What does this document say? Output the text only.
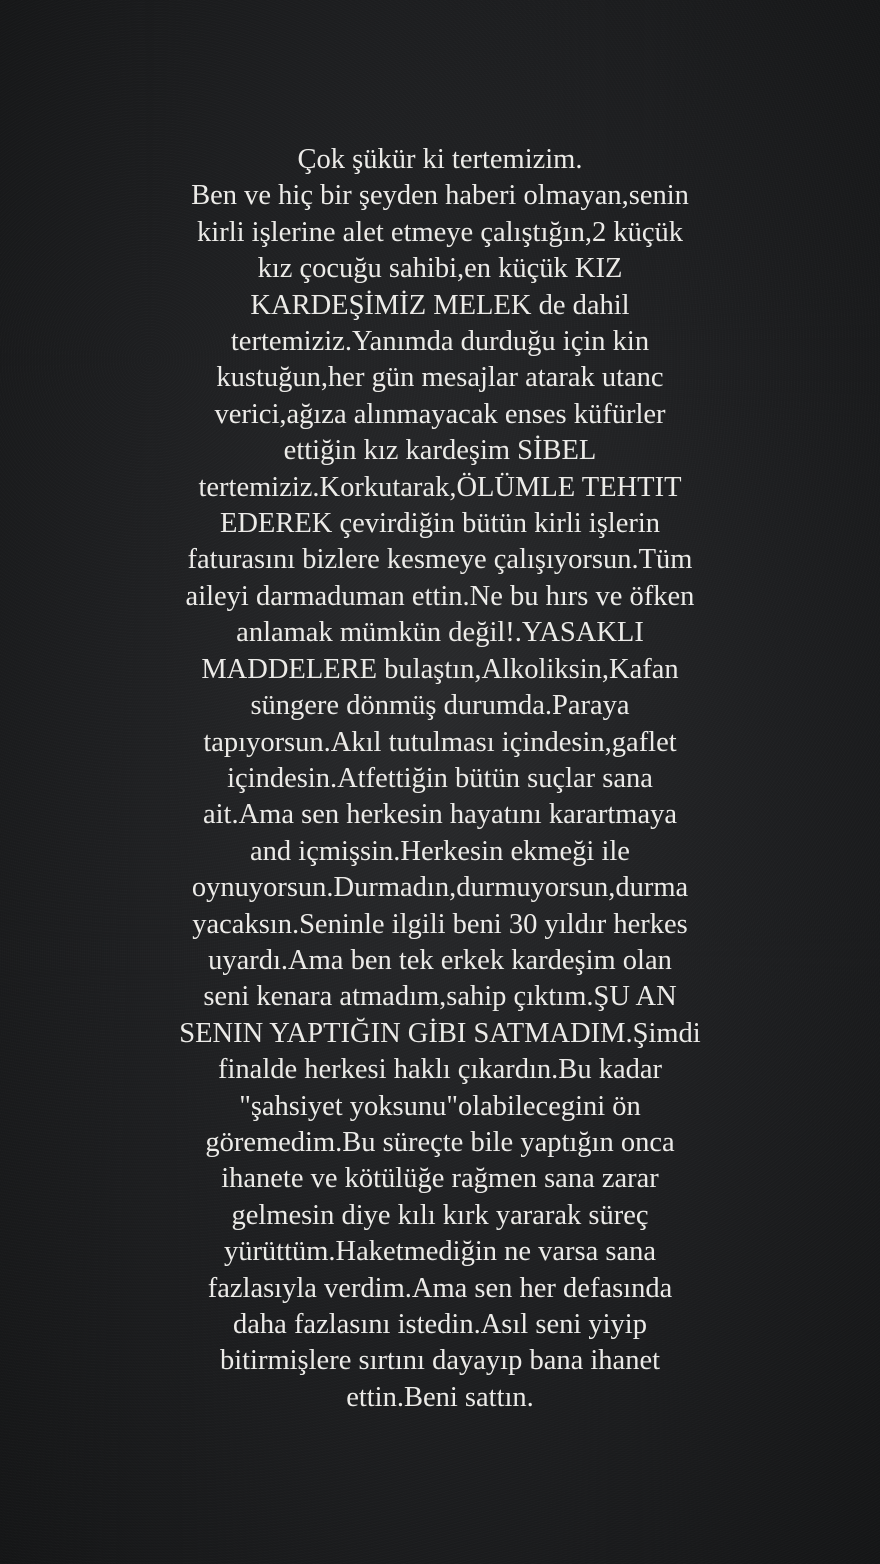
Çok şükür ki tertemizim.
Ben ve hiç bir şeyden haberi olmayan,senin
kirli işlerine alet etmeye çalıştığın,2 küçük
kız çocuğu sahibi,en küçük KIZ
KARDEŞİMİZ MELEK de dahil
tertemiziz.Yanımda durduğu için kin
kustuğun,her gün mesajlar atarak utanc
verici,ağıza alınmayacak enses küfürler
ettiğin kız kardeşim SİBEL
tertemiziz.Korkutarak,ÖLÜMLE TEHTIT
EDEREK çevirdiğin bütün kirli işlerin
faturasını bizlere kesmeye çalışıyorsun.Tüm
aileyi darmaduman ettin.Ne bu hırs ve öfken
anlamak mümkün değil!.YASAKLI
MADDELERE bulaştın,Alkoliksin,Kafan
süngere dönmüş durumda.Paraya
tapıyorsun.Akıl tutulması içindesin,gaflet
içindesin.Atfettiğin bütün suçlar sana
ait.Ama sen herkesin hayatını karartmaya
and içmişsin.Herkesin ekmeği ile
oynuyorsun.Durmadın,durmuyorsun,durma
yacaksın.Seninle ilgili beni 30 yıldır herkes
uyardı.Ama ben tek erkek kardeşim olan
seni kenara atmadım,sahip çıktım.ŞU AN
SENIN YAPTIĞIN GİBI SATMADIM.Şimdi
finalde herkesi haklı çıkardın.Bu kadar
"şahsiyet yoksunu"olabilecegini ön
göremedim.Bu süreçte bile yaptığın onca
ihanete ve kötülüğe rağmen sana zarar
gelmesin diye kılı kırk yararak süreç
yürüttüm.Haketmediğin ne varsa sana
fazlasıyla verdim.Ama sen her defasında
daha fazlasını istedin.Asıl seni yiyip
bitirmişlere sırtını dayayıp bana ihanet
ettin.Beni sattın.
